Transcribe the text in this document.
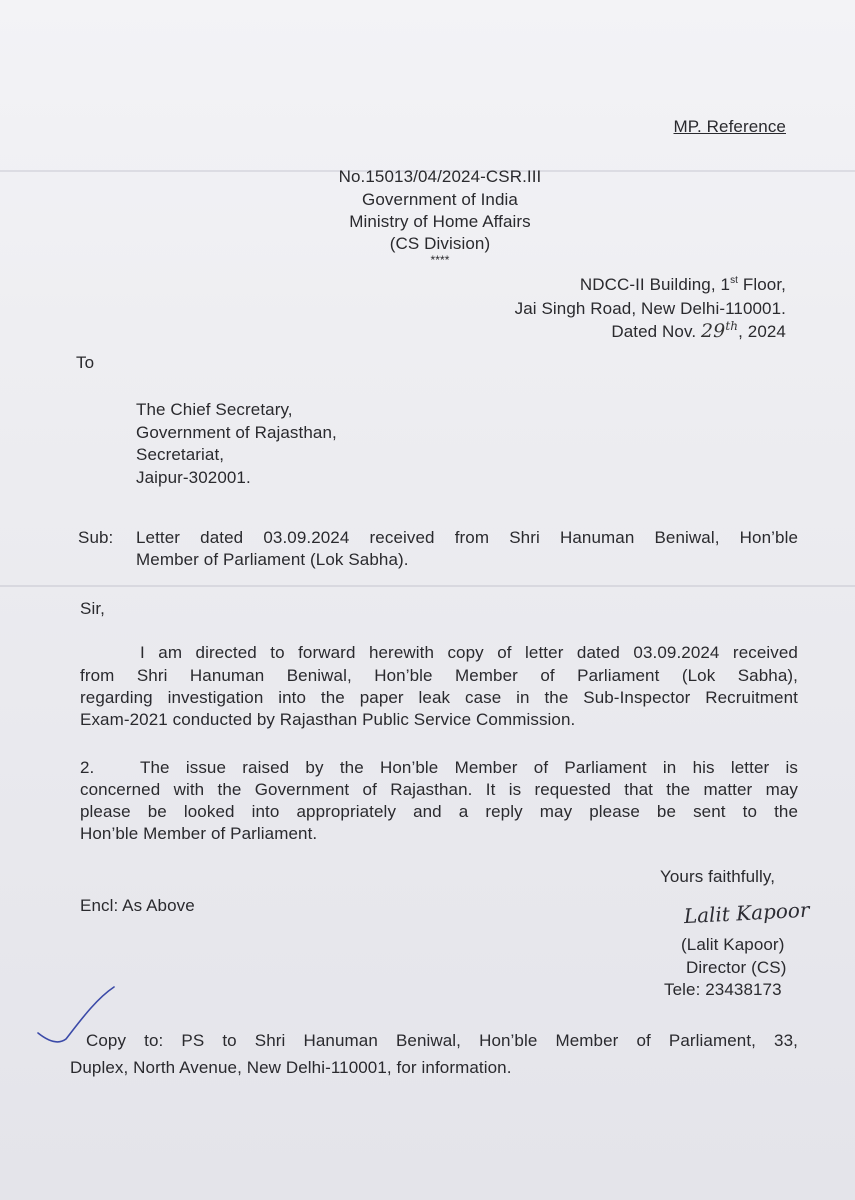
MP. Reference
No.15013/04/2024-CSR.III
Government of India
Ministry of Home Affairs
(CS Division)
****
NDCC-II Building, 1st Floor,
Jai Singh Road, New Delhi-110001.
Dated Nov. 29th, 2024
To
The Chief Secretary,
Government of Rajasthan,
Secretariat,
Jaipur-302001.
Sub: Letter dated 03.09.2024 received from Shri Hanuman Beniwal, Hon’ble
Member of Parliament (Lok Sabha).
Sir,
I am directed to forward herewith copy of letter dated 03.09.2024 received
from Shri Hanuman Beniwal, Hon’ble Member of Parliament (Lok Sabha),
regarding investigation into the paper leak case in the Sub-Inspector Recruitment
Exam-2021 conducted by Rajasthan Public Service Commission.
2.	The issue raised by the Hon’ble Member of Parliament in his letter is
concerned with the Government of Rajasthan. It is requested that the matter may
please be looked into appropriately and a reply may please be sent to the
Hon’ble Member of Parliament.
Yours faithfully,
Encl: As Above	Lalit Kapoor
(Lalit Kapoor)
Director (CS)
Tele: 23438173
Copy to: PS to Shri Hanuman Beniwal, Hon’ble Member of Parliament, 33,
Duplex, North Avenue, New Delhi-110001, for information.
